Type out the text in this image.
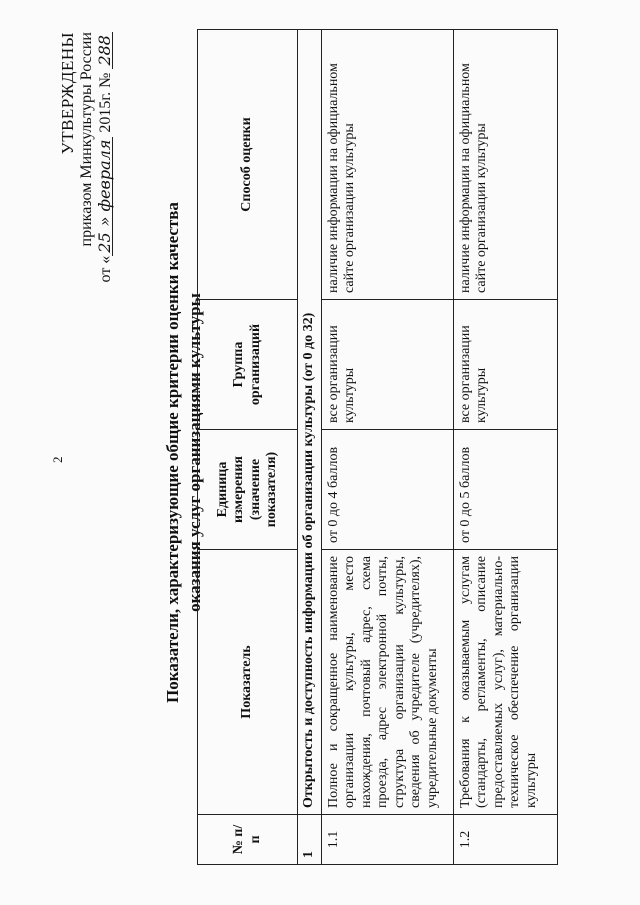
2
УТВЕРЖДЕНЫ приказом Минкультуры России
от «25» февраля 2015г. № 288
Показатели, характеризующие общие критерии оценки качества оказания услуг организациями культуры
№ п/п	Показатель	Единица измерения (значение показателя)	Группа организаций	Способ оценки
1	Открытость и доступность информации об организации культуры (от 0 до 32)			
1.1	Полное и сокращенное наименование организации культуры, место нахождения, почтовый адрес, схема проезда, адрес электронной почты, структура организации культуры, сведения об учредителе (учредителях), учредительные документы	от 0 до 4 баллов	все организации культуры	наличие информации на официальном сайте организации культуры
1.2	Требования к оказываемым услугам (стандарты, регламенты, описание предоставляемых услуг), материально-техническое обеспечение организации культуры	от 0 до 5 баллов	все организации культуры	наличие информации на официальном сайте организации культуры
